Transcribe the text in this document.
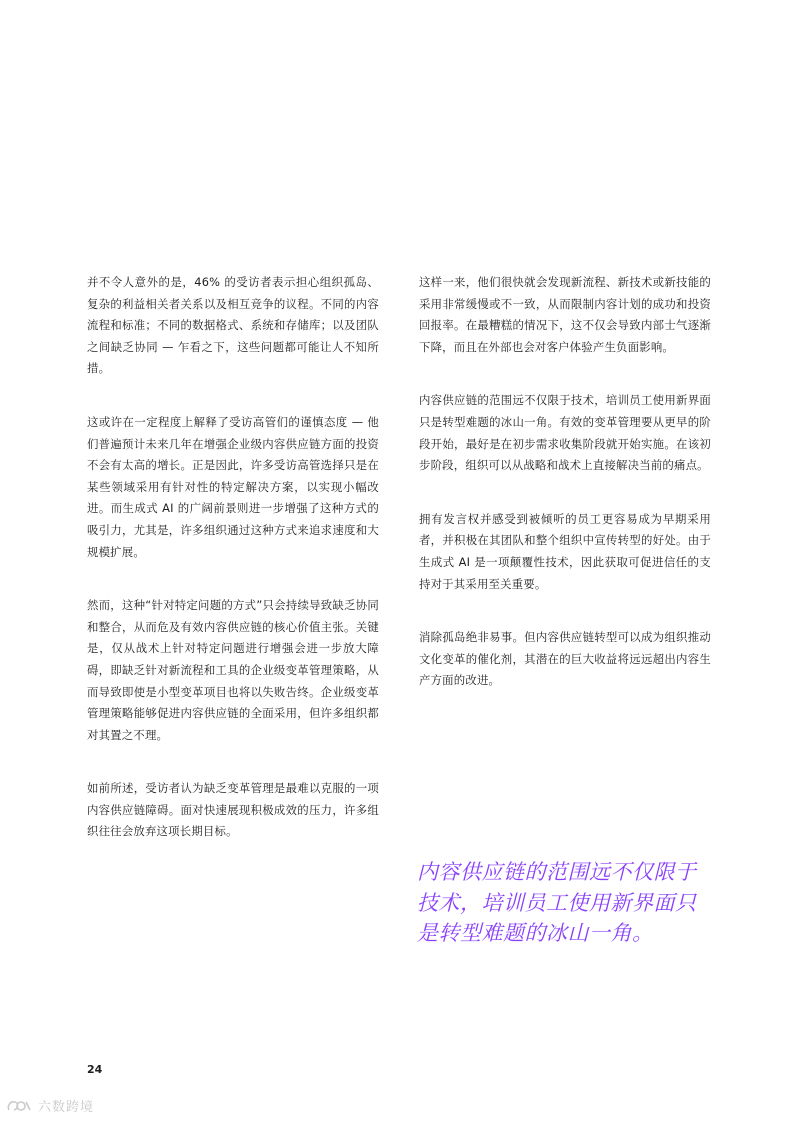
并不令人意外的是，46% 的受访者表示担心组织孤岛、复杂的利益相关者关系以及相互竞争的议程。不同的内容流程和标准；不同的数据格式、系统和存储库；以及团队之间缺乏协同 — 乍看之下，这些问题都可能让人不知所措。

这或许在一定程度上解释了受访高管们的谨慎态度 — 他们普遍预计未来几年在增强企业级内容供应链方面的投资不会有太高的增长。正是因此，许多受访高管选择只是在某些领域采用有针对性的特定解决方案，以实现小幅改进。而生成式 AI 的广阔前景则进一步增强了这种方式的吸引力，尤其是，许多组织通过这种方式来追求速度和大规模扩展。

然而，这种“针对特定问题的方式”只会持续导致缺乏协同和整合，从而危及有效内容供应链的核心价值主张。关键是，仅从战术上针对特定问题进行增强会进一步放大障碍，即缺乏针对新流程和工具的企业级变革管理策略，从而导致即使是小型变革项目也将以失败告终。企业级变革管理策略能够促进内容供应链的全面采用，但许多组织都对其置之不理。

如前所述，受访者认为缺乏变革管理是最难以克服的一项内容供应链障碍。面对快速展现积极成效的压力，许多组织往往会放弃这项长期目标。

这样一来，他们很快就会发现新流程、新技术或新技能的采用非常缓慢或不一致，从而限制内容计划的成功和投资回报率。在最糟糕的情况下，这不仅会导致内部士气逐渐下降，而且在外部也会对客户体验产生负面影响。

内容供应链的范围远不仅限于技术，培训员工使用新界面只是转型难题的冰山一角。有效的变革管理要从更早的阶段开始，最好是在初步需求收集阶段就开始实施。在该初步阶段，组织可以从战略和战术上直接解决当前的痛点。

拥有发言权并感受到被倾听的员工更容易成为早期采用者，并积极在其团队和整个组织中宣传转型的好处。由于生成式 AI 是一项颠覆性技术，因此获取可促进信任的支持对于其采用至关重要。

消除孤岛绝非易事。但内容供应链转型可以成为组织推动文化变革的催化剂，其潜在的巨大收益将远远超出内容生产方面的改进。

内容供应链的范围远不仅限于技术，培训员工使用新界面只是转型难题的冰山一角。

24
六数跨境
